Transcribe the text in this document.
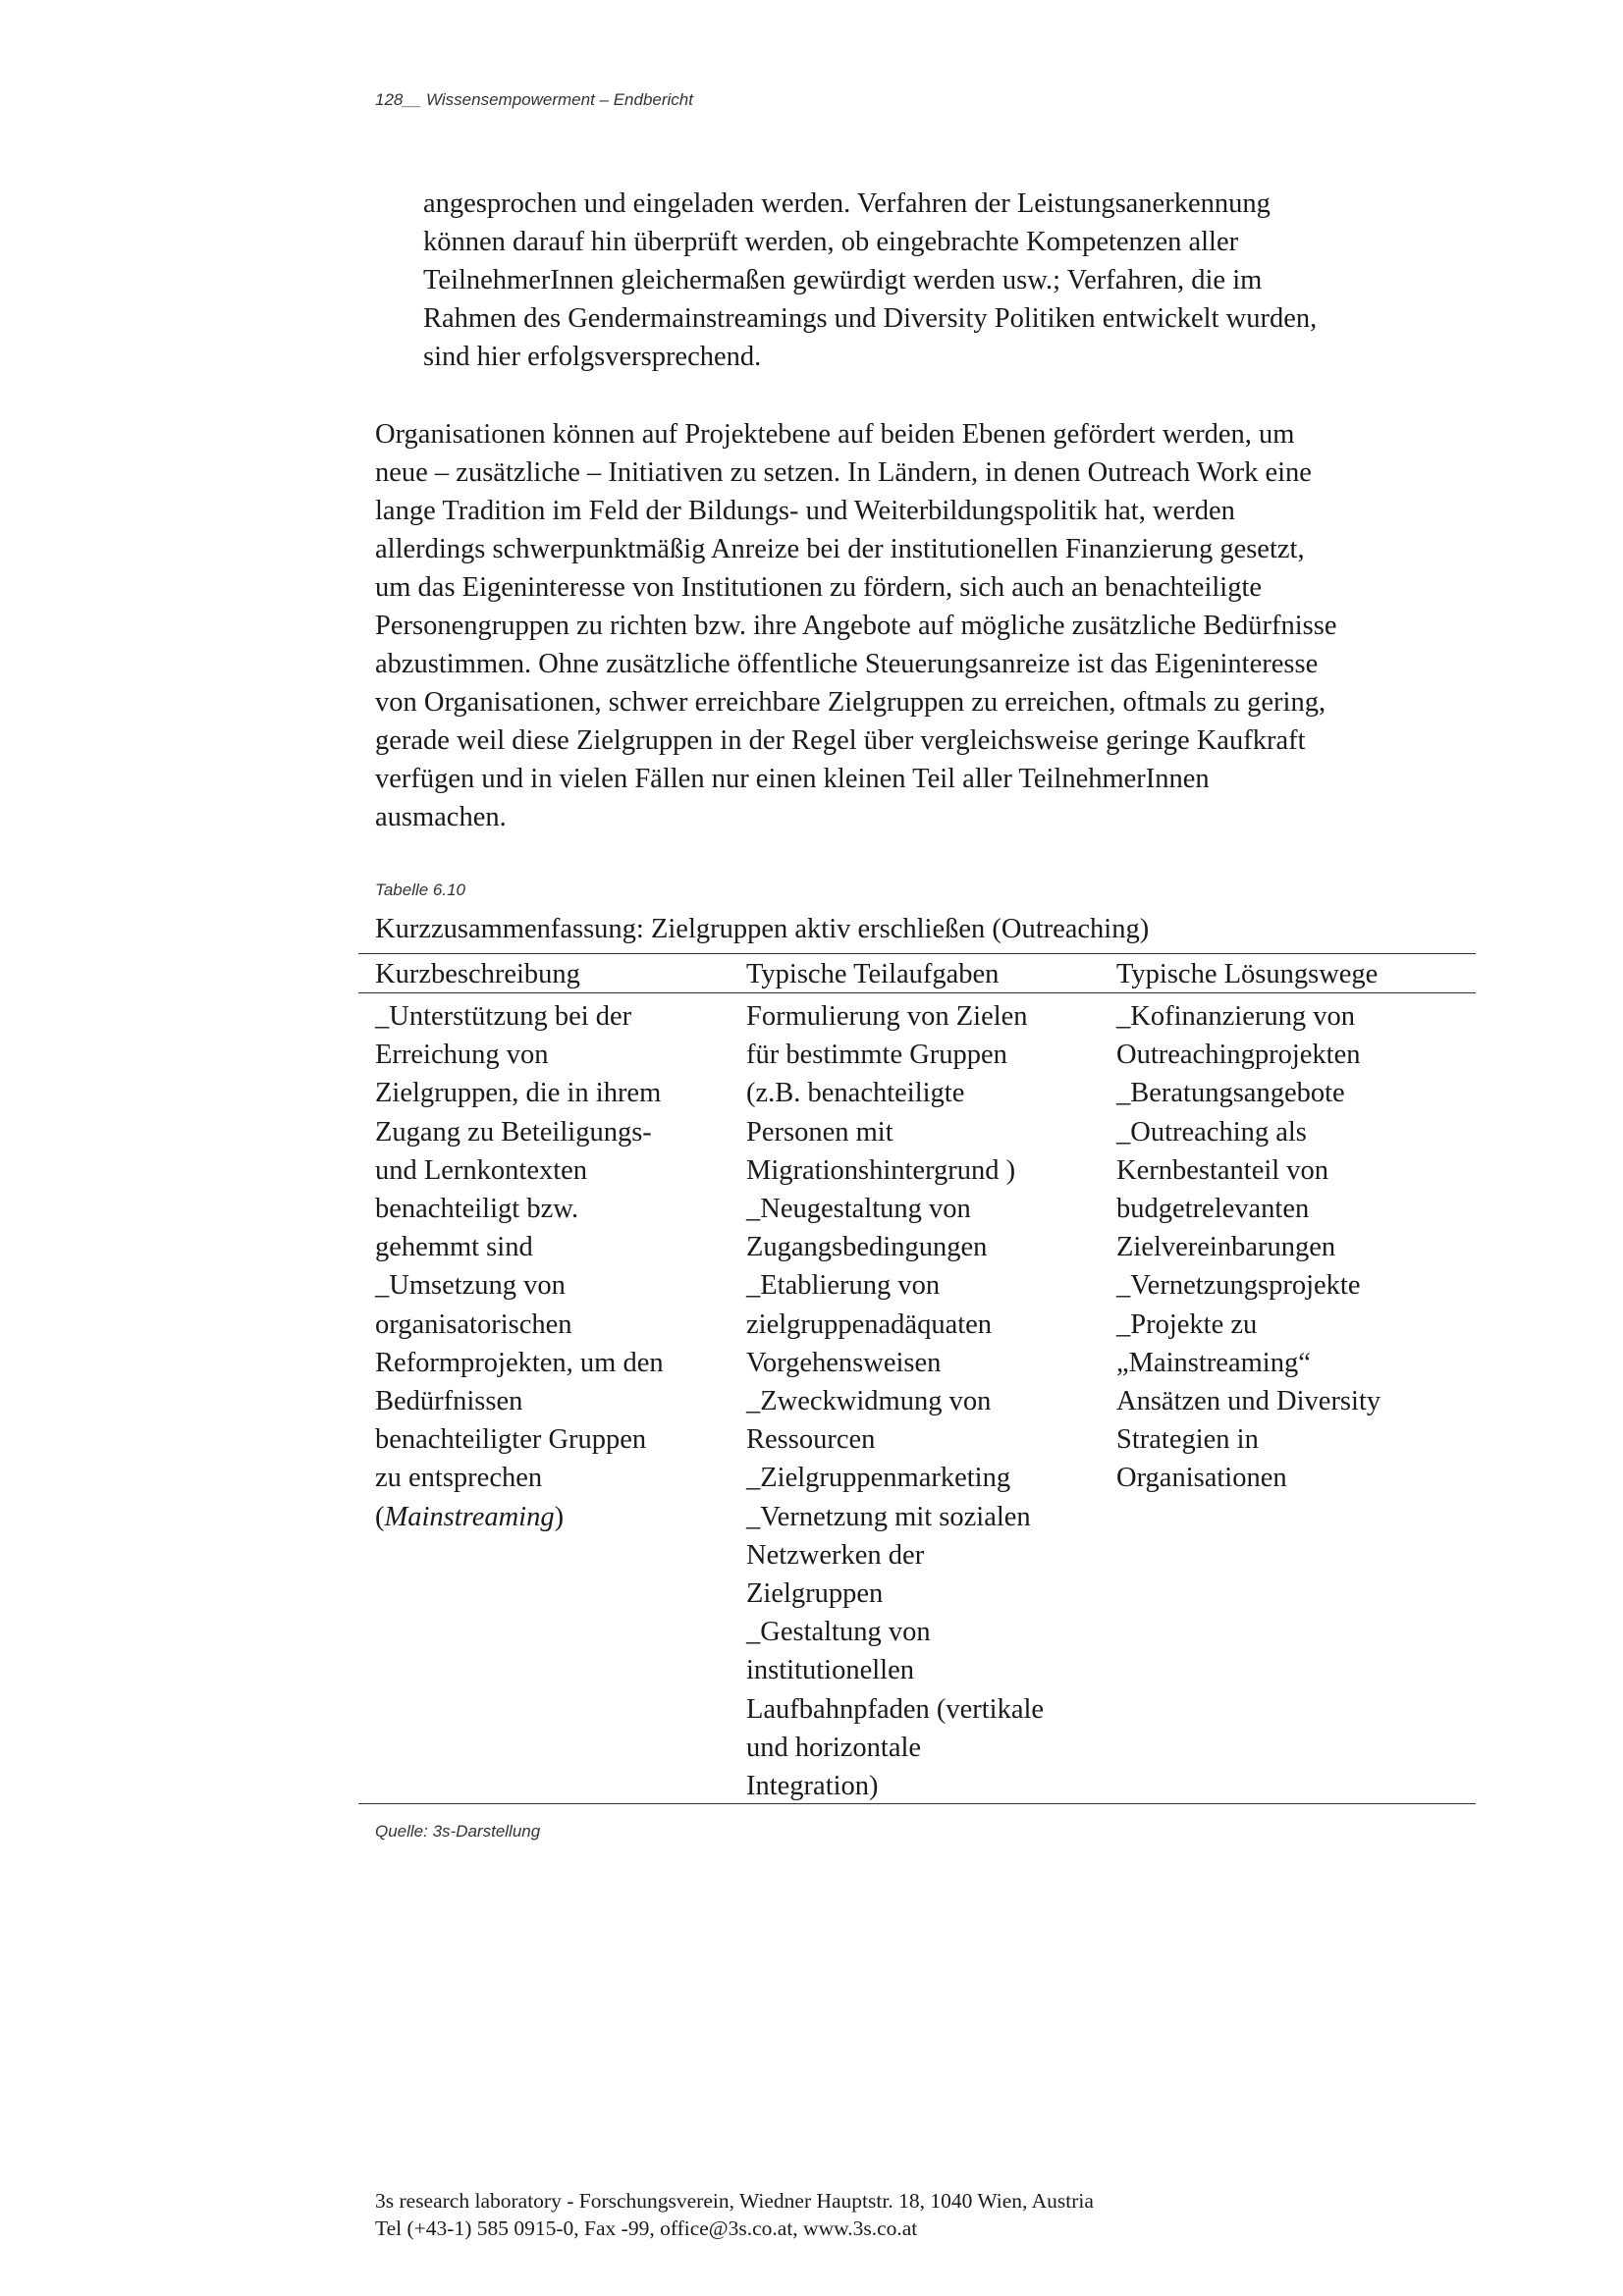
128__ Wissensempowerment – Endbericht

angesprochen und eingeladen werden. Verfahren der Leistungsanerkennung
können darauf hin überprüft werden, ob eingebrachte Kompetenzen aller
TeilnehmerInnen gleichermaßen gewürdigt werden usw.; Verfahren, die im
Rahmen des Gendermainstreamings und Diversity Politiken entwickelt wurden,
sind hier erfolgsversprechend.

Organisationen können auf Projektebene auf beiden Ebenen gefördert werden, um
neue – zusätzliche – Initiativen zu setzen. In Ländern, in denen Outreach Work eine
lange Tradition im Feld der Bildungs- und Weiterbildungspolitik hat, werden
allerdings schwerpunktmäßig Anreize bei der institutionellen Finanzierung gesetzt,
um das Eigeninteresse von Institutionen zu fördern, sich auch an benachteiligte
Personengruppen zu richten bzw. ihre Angebote auf mögliche zusätzliche Bedürfnisse
abzustimmen. Ohne zusätzliche öffentliche Steuerungsanreize ist das Eigeninteresse
von Organisationen, schwer erreichbare Zielgruppen zu erreichen, oftmals zu gering,
gerade weil diese Zielgruppen in der Regel über vergleichsweise geringe Kaufkraft
verfügen und in vielen Fällen nur einen kleinen Teil aller TeilnehmerInnen
ausmachen.

Tabelle 6.10
Kurzzusammenfassung: Zielgruppen aktiv erschließen (Outreaching)
Kurzbeschreibung	Typische Teilaufgaben	Typische Lösungswege
_Unterstützung bei der
Erreichung von
Zielgruppen, die in ihrem
Zugang zu Beteiligungs-
und Lernkontexten
benachteiligt bzw.
gehemmt sind
_Umsetzung von
organisatorischen
Reformprojekten, um den
Bedürfnissen
benachteiligter Gruppen
zu entsprechen
(Mainstreaming)
Formulierung von Zielen
für bestimmte Gruppen
(z.B. benachteiligte
Personen mit
Migrationshintergrund )
_Neugestaltung von
Zugangsbedingungen
_Etablierung von
zielgruppenadäquaten
Vorgehensweisen
_Zweckwidmung von
Ressourcen
_Zielgruppenmarketing
_Vernetzung mit sozialen
Netzwerken der
Zielgruppen
_Gestaltung von
institutionellen
Laufbahnpfaden (vertikale
und horizontale
Integration)
_Kofinanzierung von
Outreachingprojekten
_Beratungsangebote
_Outreaching als
Kernbestanteil von
budgetrelevanten
Zielvereinbarungen
_Vernetzungsprojekte
_Projekte zu
„Mainstreaming“
Ansätzen und Diversity
Strategien in
Organisationen
Quelle: 3s-Darstellung
3s research laboratory - Forschungsverein, Wiedner Hauptstr. 18, 1040 Wien, Austria
Tel (+43-1) 585 0915-0, Fax -99, office@3s.co.at, www.3s.co.at
